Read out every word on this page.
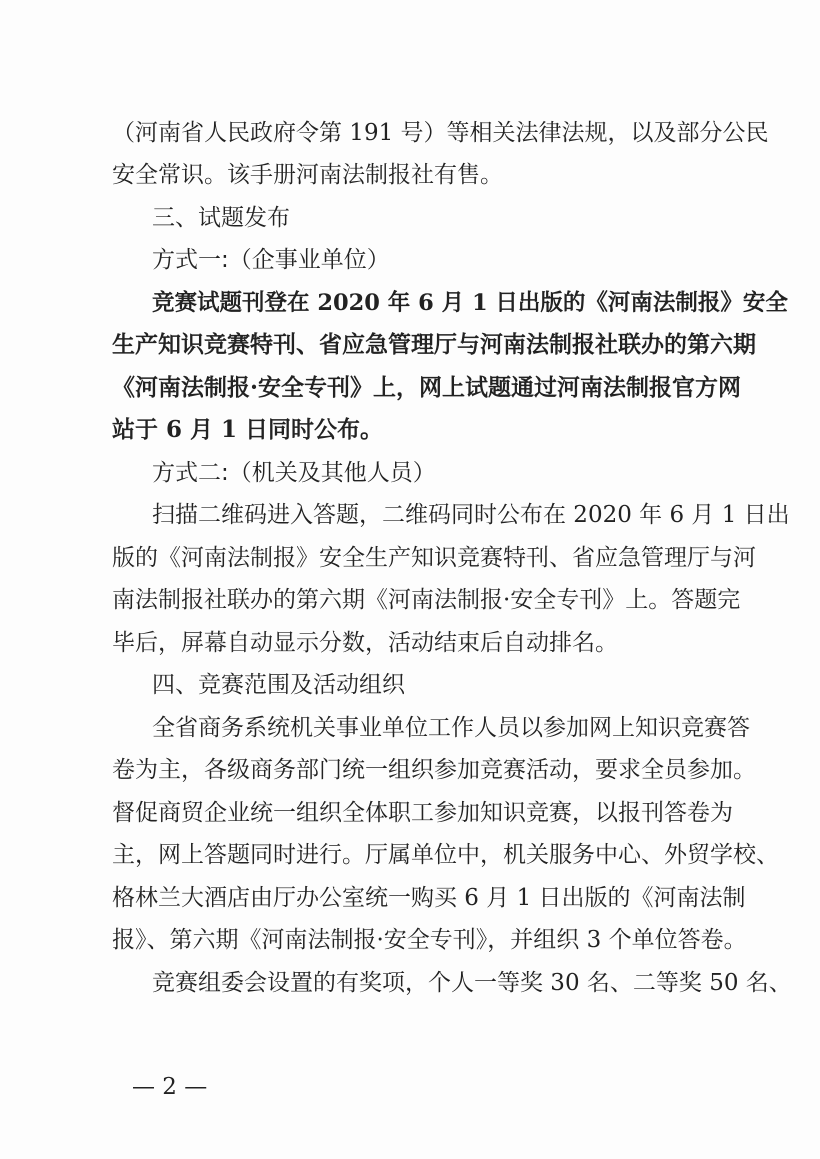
（河南省人民政府令第 191 号）等相关法律法规，以及部分公民
安全常识。该手册河南法制报社有售。
三、试题发布
方式一:（企事业单位）
竞赛试题刊登在 2020 年 6 月 1 日出版的《河南法制报》安全
生产知识竞赛特刊、省应急管理厅与河南法制报社联办的第六期
《河南法制报·安全专刊》上，网上试题通过河南法制报官方网
站于 6 月 1 日同时公布。
方式二:（机关及其他人员）
扫描二维码进入答题，二维码同时公布在 2020 年 6 月 1 日出
版的《河南法制报》安全生产知识竞赛特刊、省应急管理厅与河
南法制报社联办的第六期《河南法制报·安全专刊》上。答题完
毕后，屏幕自动显示分数，活动结束后自动排名。
四、竞赛范围及活动组织
全省商务系统机关事业单位工作人员以参加网上知识竞赛答
卷为主，各级商务部门统一组织参加竞赛活动，要求全员参加。
督促商贸企业统一组织全体职工参加知识竞赛，以报刊答卷为
主，网上答题同时进行。厅属单位中，机关服务中心、外贸学校、
格林兰大酒店由厅办公室统一购买 6 月 1 日出版的《河南法制
报》、第六期《河南法制报·安全专刊》，并组织 3 个单位答卷。
竞赛组委会设置的有奖项，个人一等奖 30 名、二等奖 50 名、
— 2 —
